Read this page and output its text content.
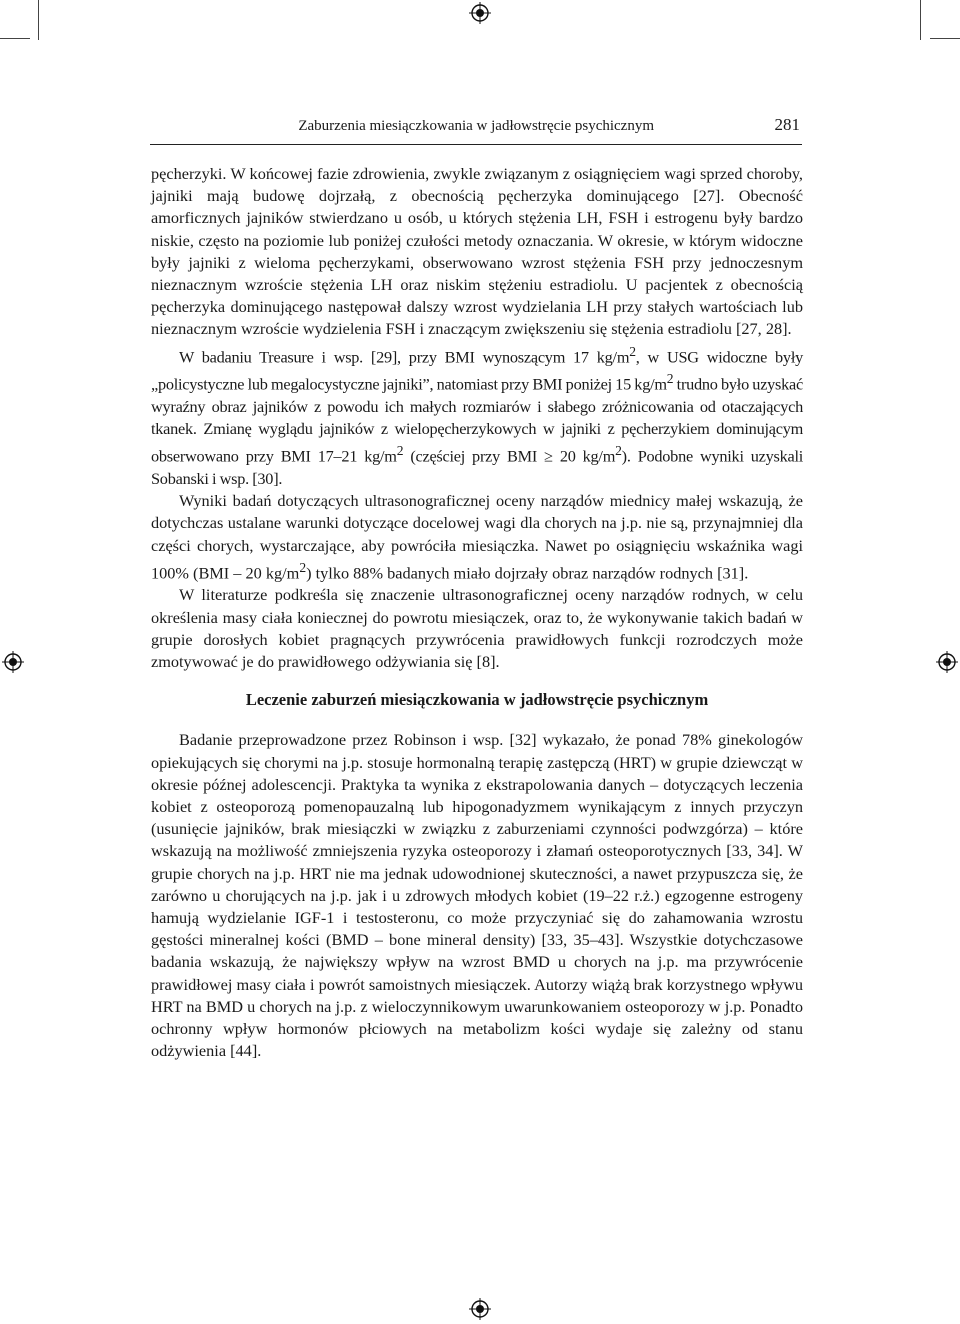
Zaburzenia miesiączkowania w jadłowstręcie psychicznym	281

pęcherzyki. W końcowej fazie zdrowienia, zwykle związanym z osiągnięciem wagi sprzed choroby, jajniki mają budowę dojrzałą, z obecnością pęcherzyka dominującego [27]. Obecność amorficznych jajników stwierdzano u osób, u których stężenia LH, FSH i estrogenu były bardzo niskie, często na poziomie lub poniżej czułości metody oznaczania. W okresie, w którym widoczne były jajniki z wieloma pęcherzykami, obserwowano wzrost stężenia FSH przy jednoczesnym nieznacznym wzroście stężenia LH oraz niskim stężeniu estradiolu. U pacjentek z obecnością pęcherzyka dominującego następował dalszy wzrost wydzielania LH przy stałych wartościach lub nieznacznym wzroście wydzielenia FSH i znaczącym zwiększeniu się stężenia estradiolu [27, 28].

W badaniu Treasure i wsp. [29], przy BMI wynoszącym 17 $kg/m^2$, w USG widoczne były „policystyczne lub megalocystyczne jajniki”, natomiast przy BMI poniżej 15 $kg/m^2$ trudno było uzyskać wyraźny obraz jajników z powodu ich małych rozmiarów i słabego zróżnicowania od otaczających tkanek. Zmianę wyglądu jajników z wielopęcherzykowych w jajniki z pęcherzykiem dominującym obserwowano przy BMI 17–21 $kg/m^2$ (częściej przy BMI ≥ 20 $kg/m^2$). Podobne wyniki uzyskali Sobanski i wsp. [30].

Wyniki badań dotyczących ultrasonograficznej oceny narządów miednicy małej wskazują, że dotychczas ustalane warunki dotyczące docelowej wagi dla chorych na j.p. nie są, przynajmniej dla części chorych, wystarczające, aby powróciła miesiączka. Nawet po osiągnięciu wskaźnika wagi 100% (BMI – 20 $kg/m^2$) tylko 88% badanych miało dojrzały obraz narządów rodnych [31].

W literaturze podkreśla się znaczenie ultrasonograficznej oceny narządów rodnych, w celu określenia masy ciała koniecznej do powrotu miesiączek, oraz to, że wykonywanie takich badań w grupie dorosłych kobiet pragnących przywrócenia prawidłowych funkcji rozrodczych może zmotywować je do prawidłowego odżywiania się [8].

Leczenie zaburzeń miesiączkowania w jadłowstręcie psychicznym

Badanie przeprowadzone przez Robinson i wsp. [32] wykazało, że ponad 78% ginekologów opiekujących się chorymi na j.p. stosuje hormonalną terapię zastępczą (HRT) w grupie dziewcząt w okresie późnej adolescencji. Praktyka ta wynika z ekstrapolowania danych – dotyczących leczenia kobiet z osteoporozą pomenopauzalną lub hipogonadyzmem wynikającym z innych przyczyn (usunięcie jajników, brak miesiączki w związku z zaburzeniami czynności podwzgórza) – które wskazują na możliwość zmniejszenia ryzyka osteoporozy i złamań osteoporotycznych [33, 34]. W grupie chorych na j.p. HRT nie ma jednak udowodnionej skuteczności, a nawet przypuszcza się, że zarówno u chorujących na j.p. jak i u zdrowych młodych kobiet (19–22 r.ż.) egzogenne estrogeny hamują wydzielanie IGF-1 i testosteronu, co może przyczyniać się do zahamowania wzrostu gęstości mineralnej kości (BMD – bone mineral density) [33, 35–43]. Wszystkie dotychczasowe badania wskazują, że największy wpływ na wzrost BMD u chorych na j.p. ma przywrócenie prawidłowej masy ciała i powrót samoistnych miesiączek. Autorzy wiążą brak korzystnego wpływu HRT na BMD u chorych na j.p. z wieloczynnikowym uwarunkowaniem osteoporozy w j.p. Ponadto ochronny wpływ hormonów płciowych na metabolizm kości wydaje się zależny od stanu odżywienia [44].
